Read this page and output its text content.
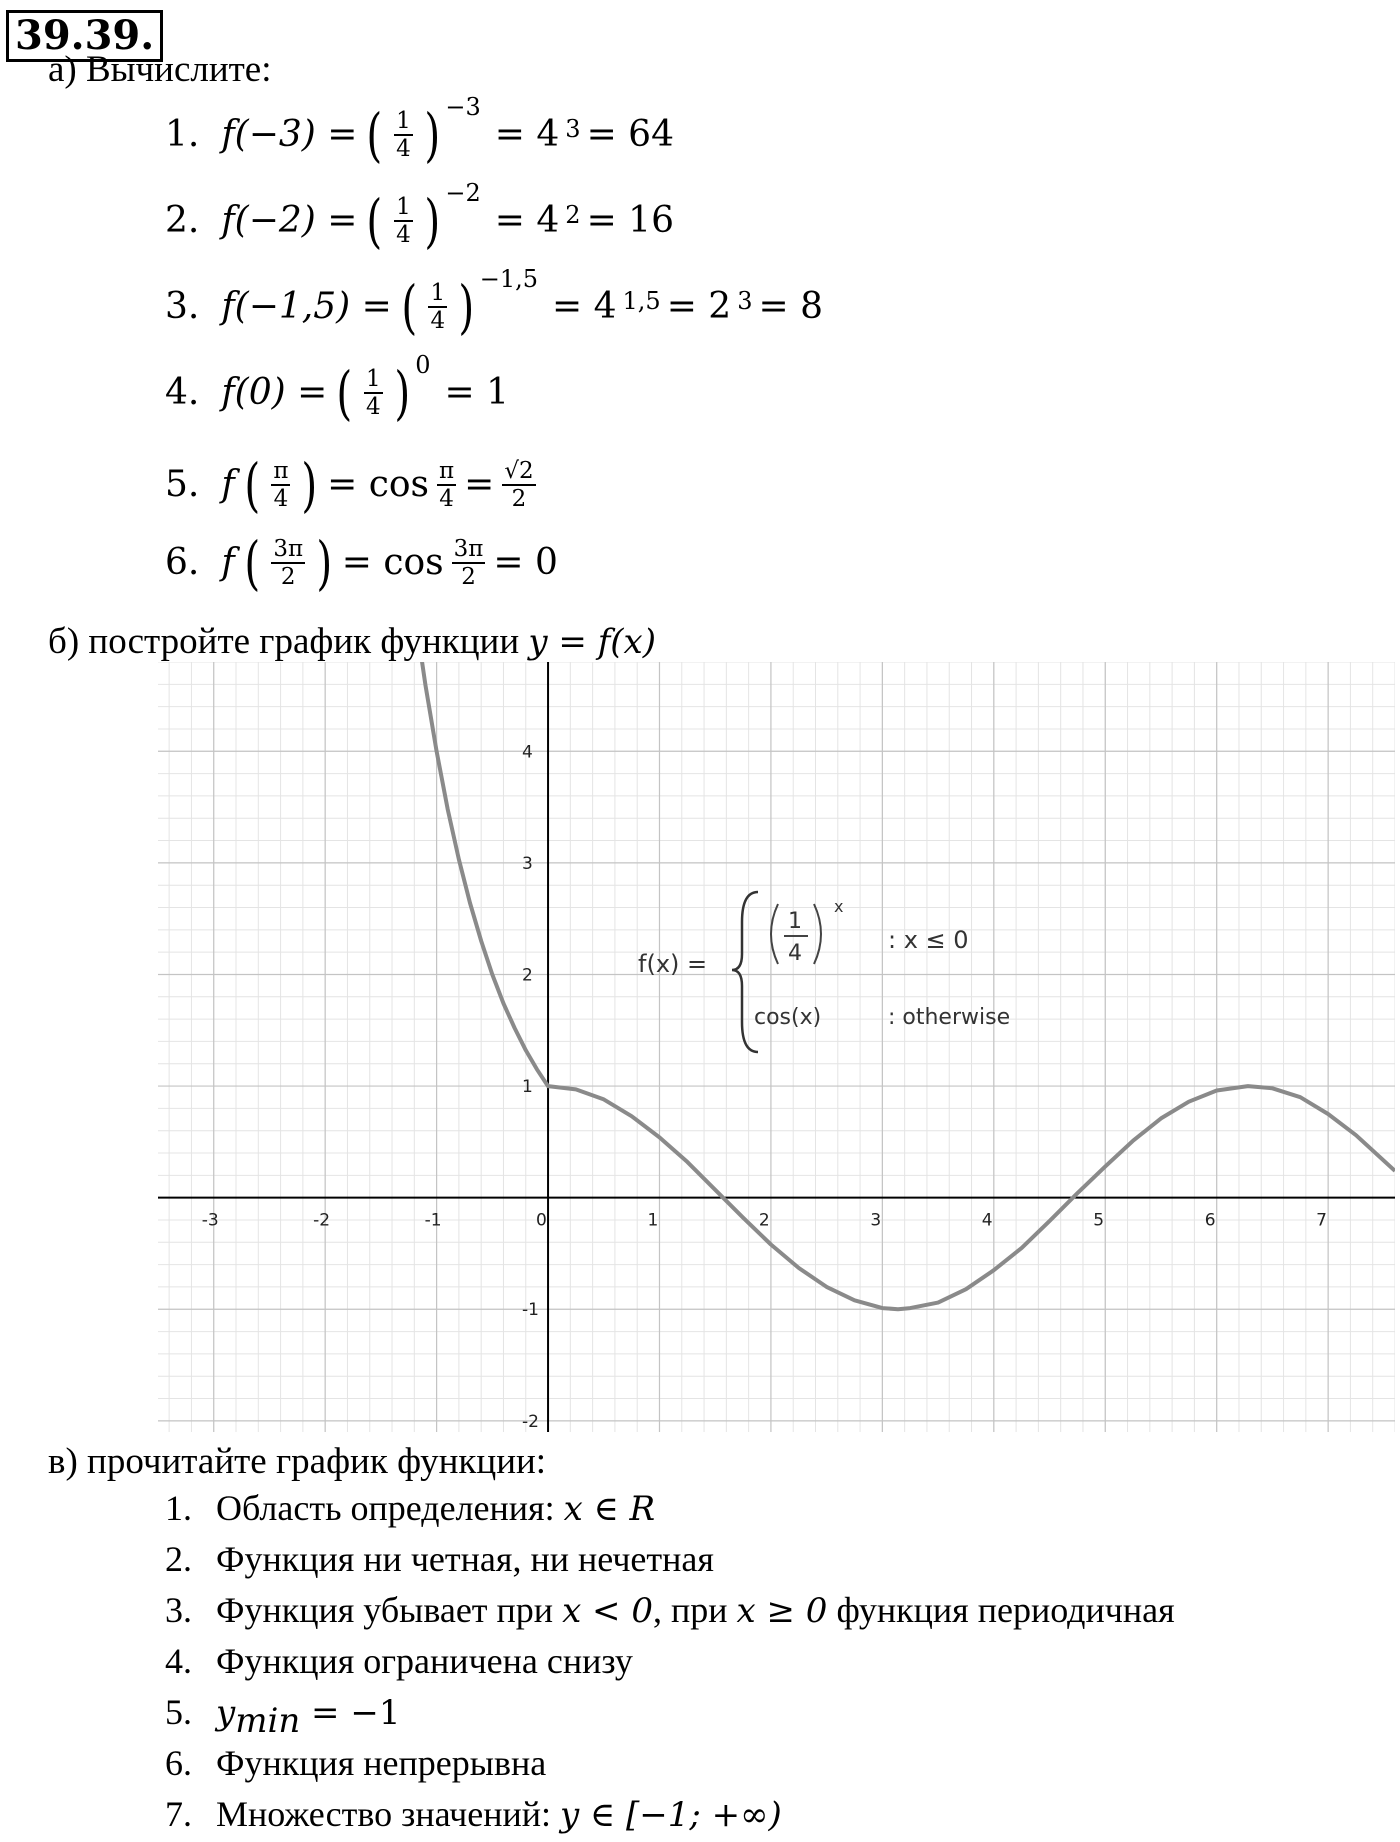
39.39.
а) Вычислите:
1. f(−3) = ( $\frac{1}{4} )^{-3}$
= 4 $^3$ = 64
2. f(−2) = ( $\frac{1}{4} )^{-2}$
= 4 $^2$ = 16
3. f(−1,5) = ( $\frac{1}{4} )^{-1,5}$
= 4 $^{1,5}$ = 2 $^3$ = 8
4. f(0) = ( $\frac{1}{4} )^0$
= 1
5. f ( $\frac{\pi}{4}$ ) = $\cos \frac{\pi}{4} = \frac{√2}{2}$
6. f ( $\frac{3\pi}{2}$ ) = $\cos \frac{3\pi}{2} = 0$
б) постройте график функции y = f(x)
-3	-2	-1	0	1	2	3	4	5	6	7
4
3
2
1
-1
-2
f(x) =
1
4
x
: x ≤ 0
cos(x)	: otherwise
в) прочитайте график функции:
1. Область определения: x ∈ R
2. Функция ни четная, ни нечетная
3. Функция убывает при x < 0, при x ≥ 0 функция периодичная
4. Функция ограничена снизу
5. $y_{min} = -1$
6. Функция непрерывна
7. Множество значений: y ∈ [−1; +∞)
